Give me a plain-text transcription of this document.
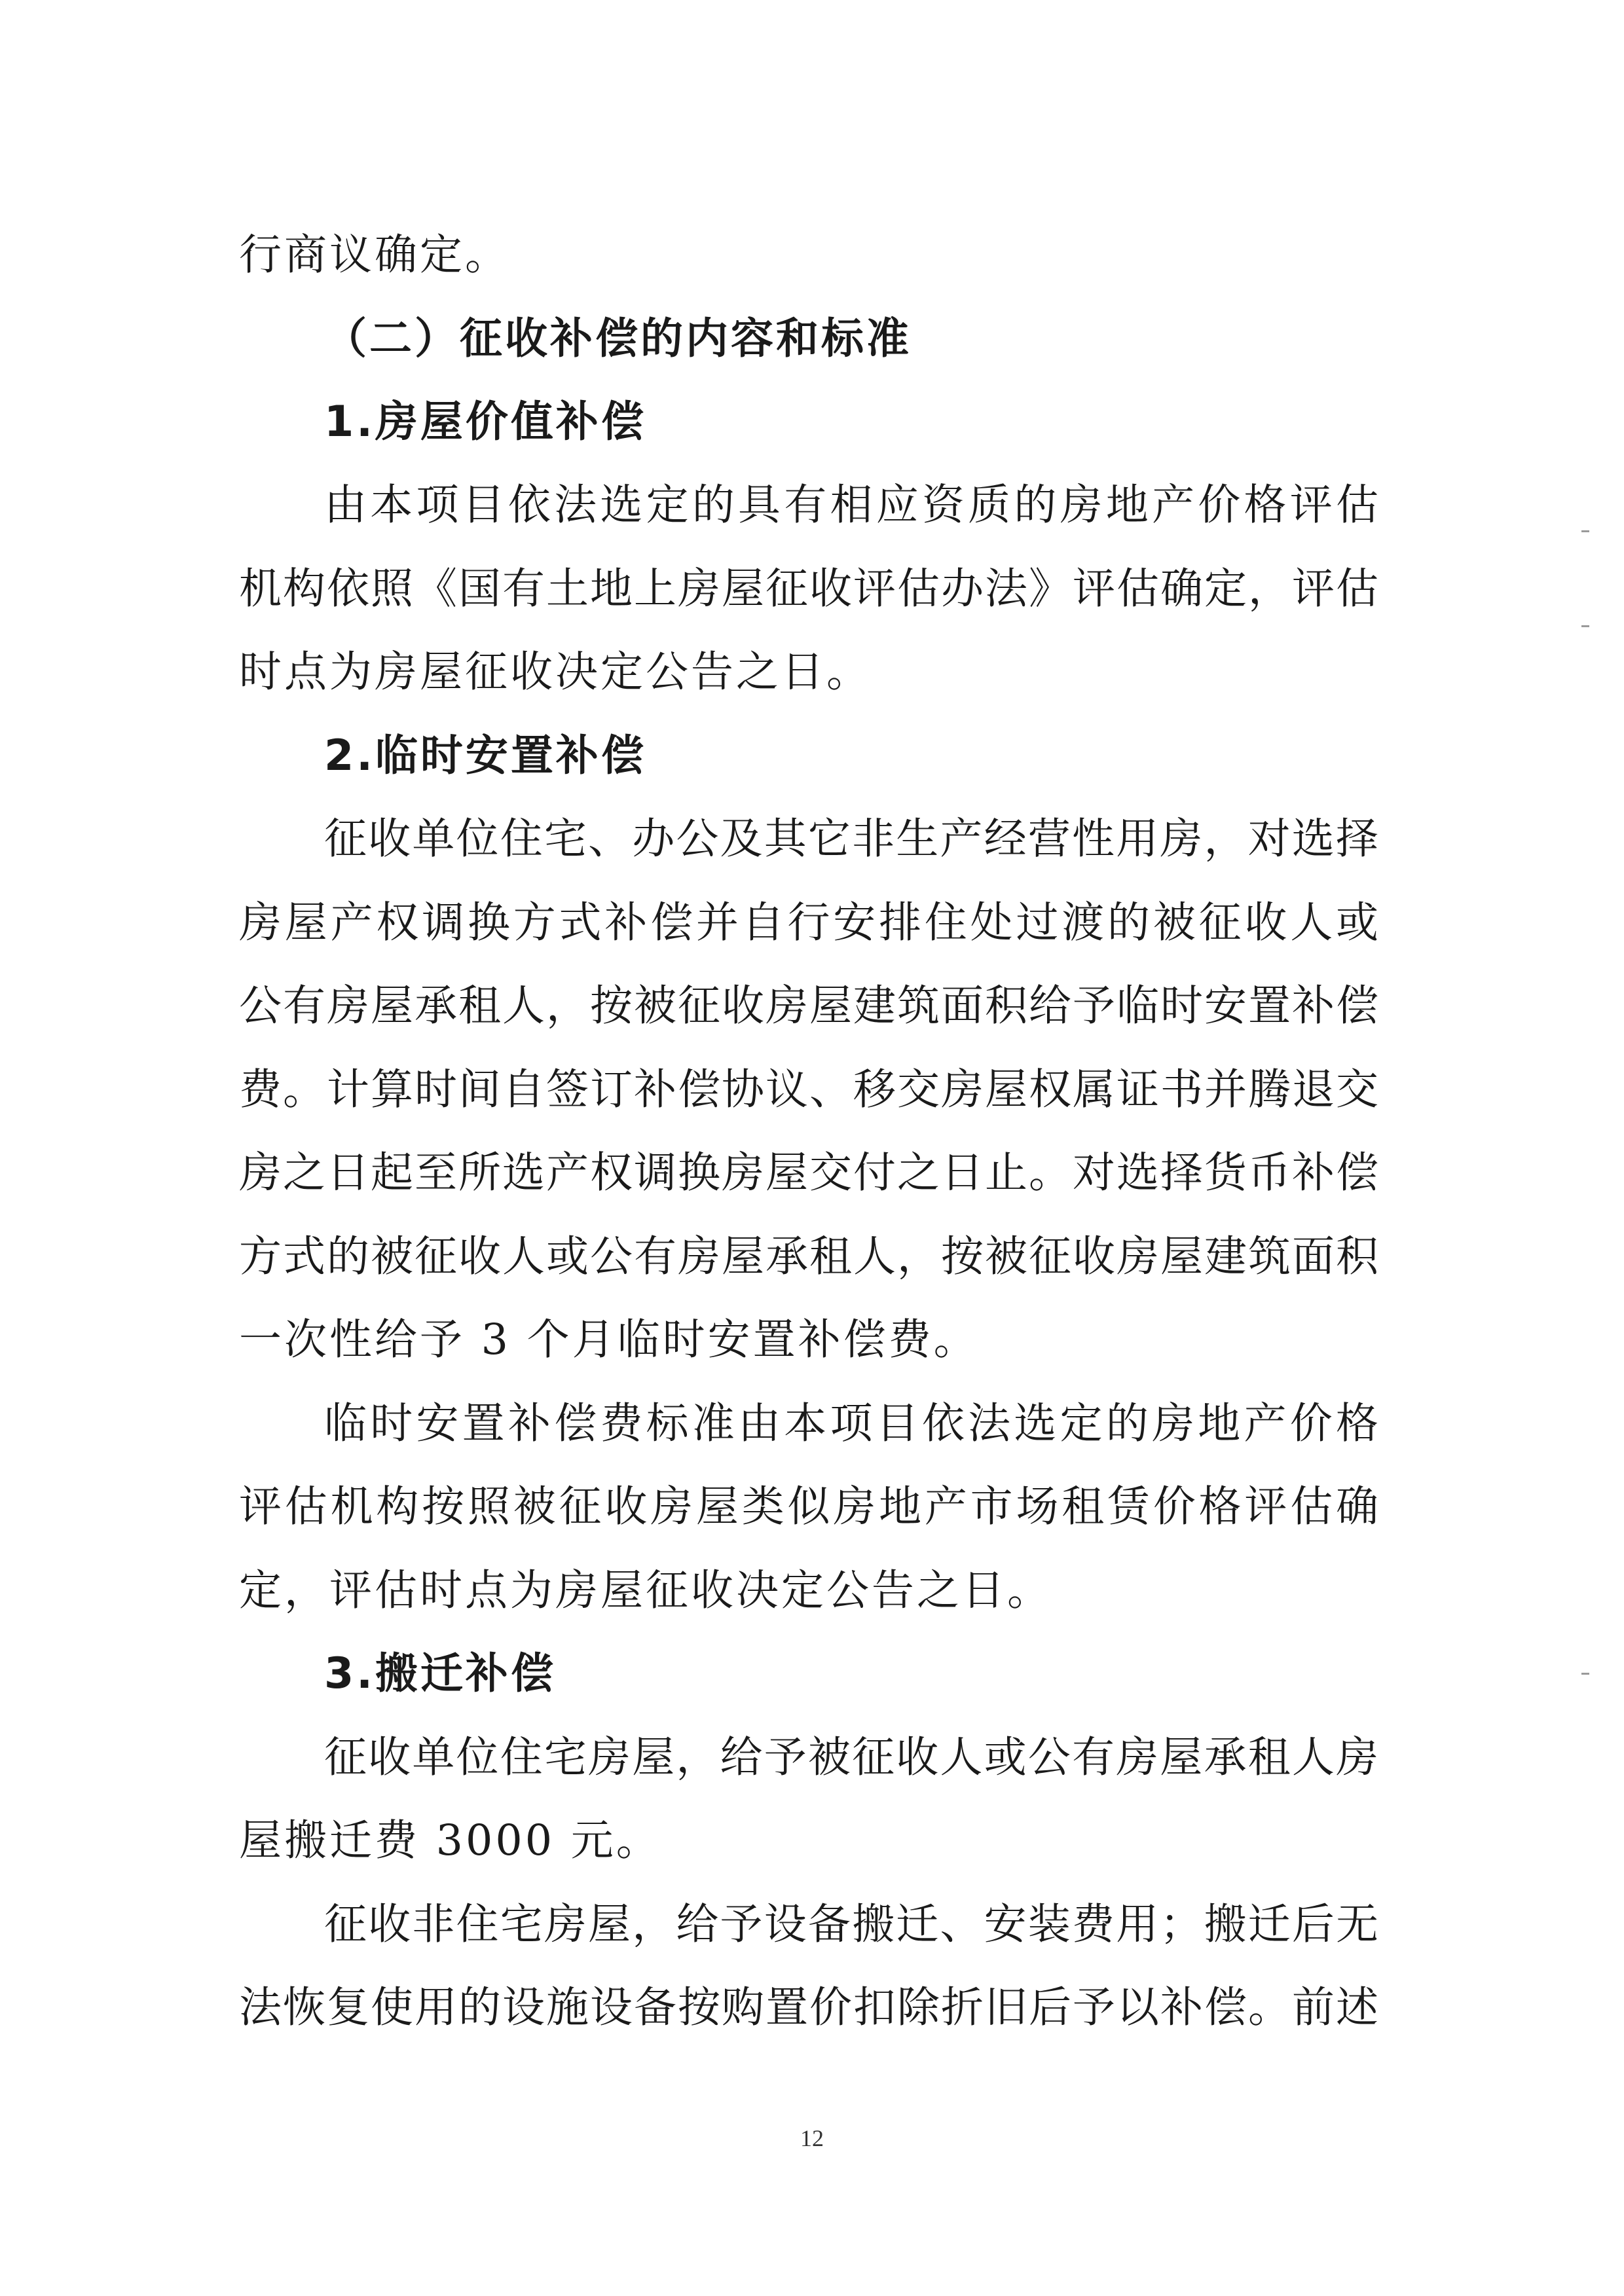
行商议确定。
（二）征收补偿的内容和标准
1.房屋价值补偿
由本项目依法选定的具有相应资质的房地产价格评估
机构依照《国有土地上房屋征收评估办法》评估确定，评估
时点为房屋征收决定公告之日。
2.临时安置补偿
征收单位住宅、办公及其它非生产经营性用房，对选择
房屋产权调换方式补偿并自行安排住处过渡的被征收人或
公有房屋承租人，按被征收房屋建筑面积给予临时安置补偿
费。计算时间自签订补偿协议、移交房屋权属证书并腾退交
房之日起至所选产权调换房屋交付之日止。对选择货币补偿
方式的被征收人或公有房屋承租人，按被征收房屋建筑面积
一次性给予 3 个月临时安置补偿费。
临时安置补偿费标准由本项目依法选定的房地产价格
评估机构按照被征收房屋类似房地产市场租赁价格评估确
定，评估时点为房屋征收决定公告之日。
3.搬迁补偿
征收单位住宅房屋，给予被征收人或公有房屋承租人房
屋搬迁费 3000 元。
征收非住宅房屋，给予设备搬迁、安装费用；搬迁后无
法恢复使用的设施设备按购置价扣除折旧后予以补偿。前述
12
